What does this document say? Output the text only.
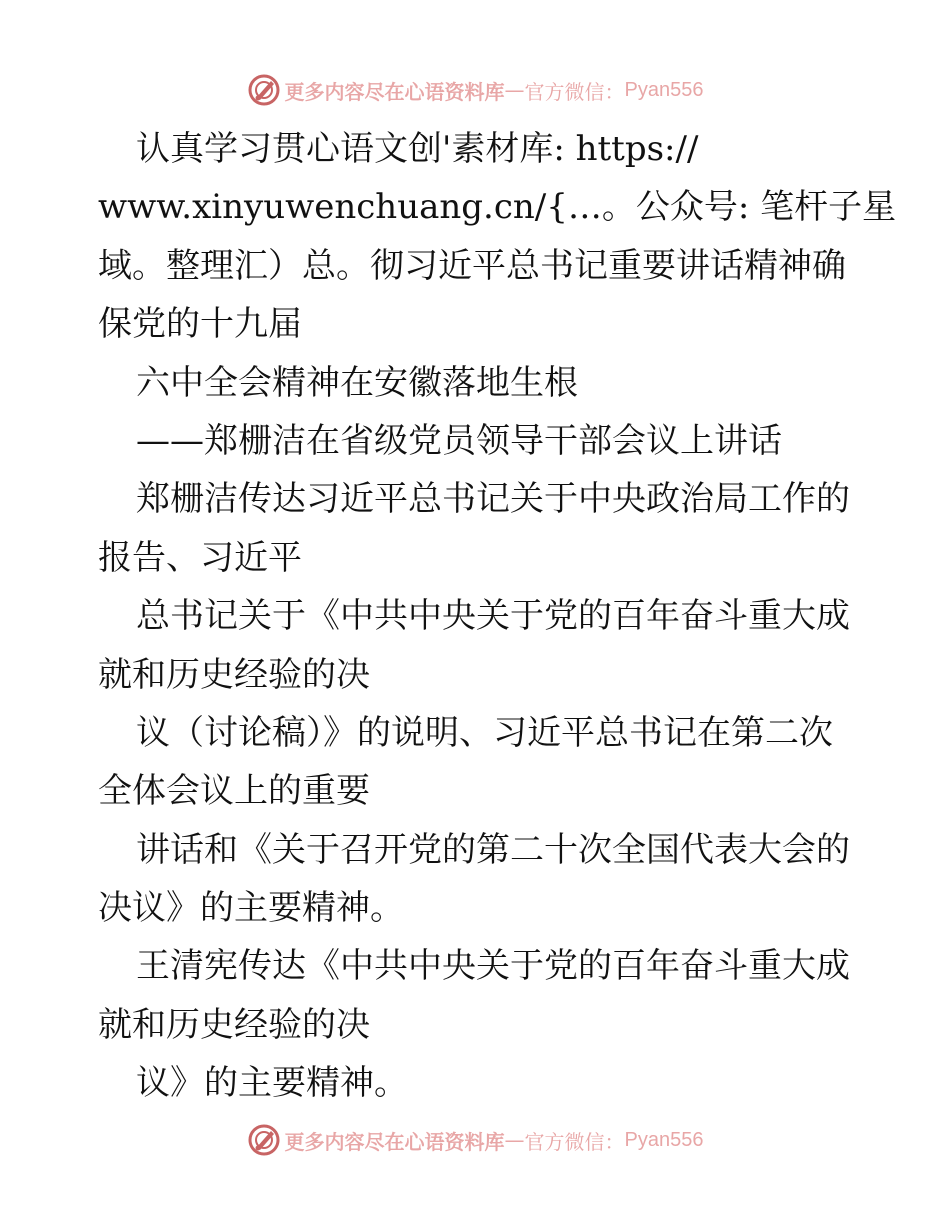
更多内容尽在心语资料库 — 官方微信： Pyan556
认真学习贯心语文创'素材库: https://
www.xinyuwenchuang.cn/{…。公众号: 笔杆子星
域。整理汇）总。彻习近平总书记重要讲话精神确
保党的十九届
六中全会精神在安徽落地生根
——郑栅洁在省级党员领导干部会议上讲话
郑栅洁传达习近平总书记关于中央政治局工作的
报告、习近平
总书记关于《中共中央关于党的百年奋斗重大成
就和历史经验的决
议（讨论稿）》的说明、习近平总书记在第二次
全体会议上的重要
讲话和《关于召开党的第二十次全国代表大会的
决议》的主要精神。
王清宪传达《中共中央关于党的百年奋斗重大成
就和历史经验的决
议》的主要精神。
更多内容尽在心语资料库 — 官方微信： Pyan556
